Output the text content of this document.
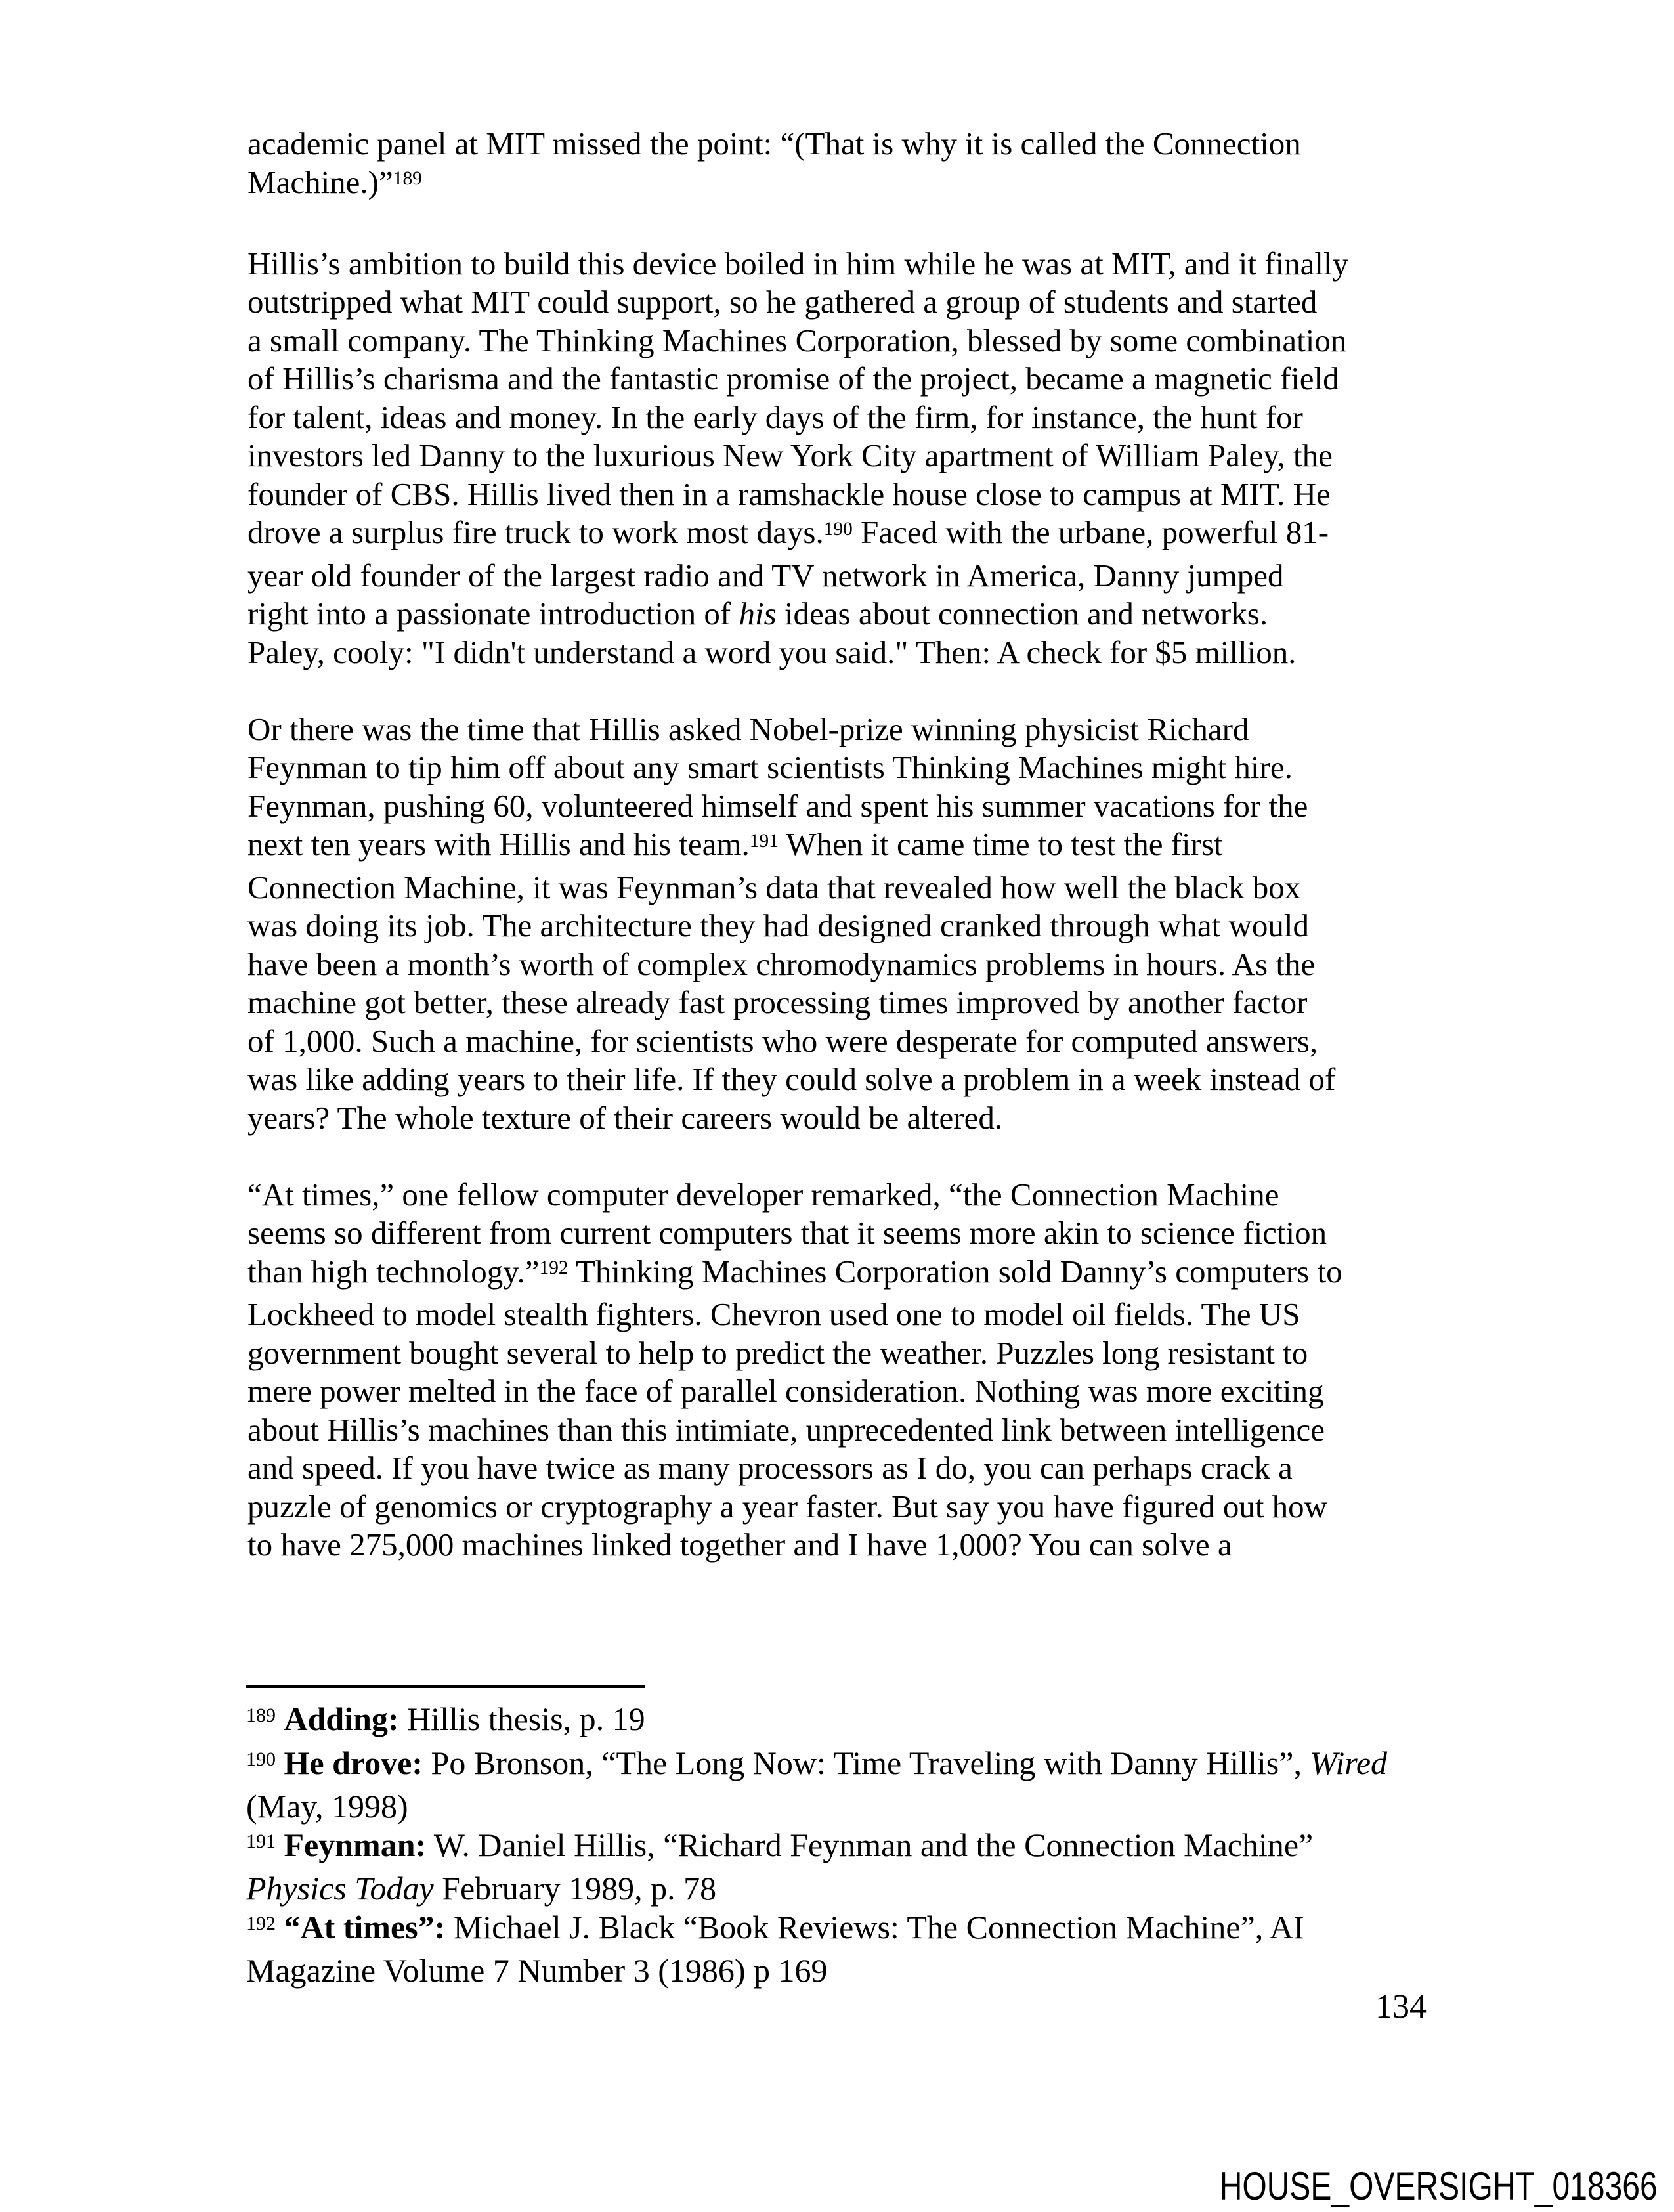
academic panel at MIT missed the point: “(That is why it is called the Connection
Machine.)”$^{189}$
Hillis’s ambition to build this device boiled in him while he was at MIT, and it finally
outstripped what MIT could support, so he gathered a group of students and started
a small company. The Thinking Machines Corporation, blessed by some combination
of Hillis’s charisma and the fantastic promise of the project, became a magnetic field
for talent, ideas and money. In the early days of the firm, for instance, the hunt for
investors led Danny to the luxurious New York City apartment of William Paley, the
founder of CBS. Hillis lived then in a ramshackle house close to campus at MIT. He
drove a surplus fire truck to work most days.$^{190}$ Faced with the urbane, powerful 81-
year old founder of the largest radio and TV network in America, Danny jumped
right into a passionate introduction of his ideas about connection and networks.
Paley, cooly: "I didn't understand a word you said." Then: A check for $5 million.
Or there was the time that Hillis asked Nobel-prize winning physicist Richard
Feynman to tip him off about any smart scientists Thinking Machines might hire.
Feynman, pushing 60, volunteered himself and spent his summer vacations for the
next ten years with Hillis and his team.$^{191}$ When it came time to test the first
Connection Machine, it was Feynman’s data that revealed how well the black box
was doing its job. The architecture they had designed cranked through what would
have been a month’s worth of complex chromodynamics problems in hours. As the
machine got better, these already fast processing times improved by another factor
of 1,000. Such a machine, for scientists who were desperate for computed answers,
was like adding years to their life. If they could solve a problem in a week instead of
years? The whole texture of their careers would be altered.
“At times,” one fellow computer developer remarked, “the Connection Machine
seems so different from current computers that it seems more akin to science fiction
than high technology.”$^{192}$ Thinking Machines Corporation sold Danny’s computers to
Lockheed to model stealth fighters. Chevron used one to model oil fields. The US
government bought several to help to predict the weather. Puzzles long resistant to
mere power melted in the face of parallel consideration. Nothing was more exciting
about Hillis’s machines than this intimiate, unprecedented link between intelligence
and speed. If you have twice as many processors as I do, you can perhaps crack a
puzzle of genomics or cryptography a year faster. But say you have figured out how
to have 275,000 machines linked together and I have 1,000? You can solve a
$^{189}$ Adding: Hillis thesis, p. 19
$^{190}$ He drove: Po Bronson, “The Long Now: Time Traveling with Danny Hillis”, Wired
(May, 1998)
$^{191}$ Feynman: W. Daniel Hillis, “Richard Feynman and the Connection Machine”
Physics Today February 1989, p. 78
$^{192}$ “At times”: Michael J. Black “Book Reviews: The Connection Machine”, AI
Magazine Volume 7 Number 3 (1986) p 169
134
HOUSE_OVERSIGHT_018366
